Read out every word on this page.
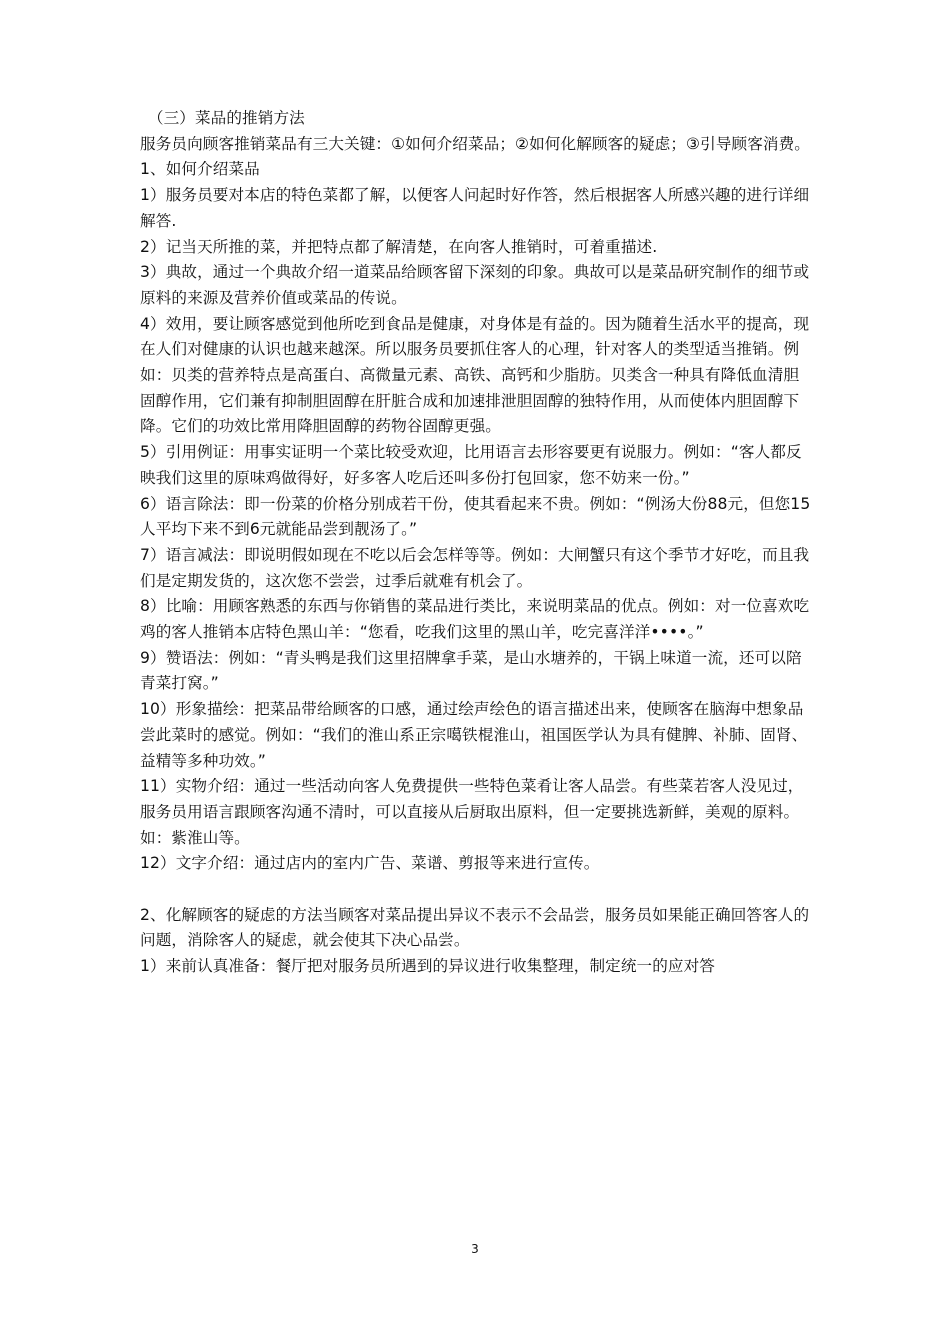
　（三）菜品的推销方法

服务员向顾客推销菜品有三大关键：①如何介绍菜品；②如何化解顾客的疑虑；③引导顾客消费。

1、如何介绍菜品

1）服务员要对本店的特色菜都了解，以便客人问起时好作答，然后根据客人所感兴趣的进行详细解答.

2）记当天所推的菜，并把特点都了解清楚，在向客人推销时，可着重描述.

3）典故，通过一个典故介绍一道菜品给顾客留下深刻的印象。典故可以是菜品研究制作的细节或原料的来源及营养价值或菜品的传说。

4）效用，要让顾客感觉到他所吃到食品是健康，对身体是有益的。因为随着生活水平的提高，现在人们对健康的认识也越来越深。所以服务员要抓住客人的心理，针对客人的类型适当推销。例如：贝类的营养特点是高蛋白、高微量元素、高铁、高钙和少脂肪。贝类含一种具有降低血清胆固醇作用，它们兼有抑制胆固醇在肝脏合成和加速排泄胆固醇的独特作用，从而使体内胆固醇下降。它们的功效比常用降胆固醇的药物谷固醇更强。

5）引用例证：用事实证明一个菜比较受欢迎，比用语言去形容要更有说服力。例如：“客人都反映我们这里的原味鸡做得好，好多客人吃后还叫多份打包回家，您不妨来一份。”

6）语言除法：即一份菜的价格分别成若干份，使其看起来不贵。例如：“例汤大份88元，但您15人平均下来不到6元就能品尝到靓汤了。”

7）语言减法：即说明假如现在不吃以后会怎样等等。例如：大闸蟹只有这个季节才好吃，而且我们是定期发货的，这次您不尝尝，过季后就难有机会了。

8）比喻：用顾客熟悉的东西与你销售的菜品进行类比，来说明菜品的优点。例如：对一位喜欢吃鸡的客人推销本店特色黑山羊：“您看，吃我们这里的黑山羊，吃完喜洋洋••••。”

9）赞语法：例如：“青头鸭是我们这里招牌拿手菜，是山水塘养的，干锅上味道一流，还可以陪青菜打窝。”

10）形象描绘：把菜品带给顾客的口感，通过绘声绘色的语言描述出来，使顾客在脑海中想象品尝此菜时的感觉。例如：“我们的淮山系正宗噶铁棍淮山，祖国医学认为具有健脾、补肺、固肾、益精等多种功效。”

11）实物介绍：通过一些活动向客人免费提供一些特色菜肴让客人品尝。有些菜若客人没见过，服务员用语言跟顾客沟通不清时，可以直接从后厨取出原料，但一定要挑选新鲜，美观的原料。如：紫淮山等。

12）文字介绍：通过店内的室内广告、菜谱、剪报等来进行宣传。

2、化解顾客的疑虑的方法当顾客对菜品提出异议不表示不会品尝，服务员如果能正确回答客人的问题，消除客人的疑虑，就会使其下决心品尝。

1）来前认真准备：餐厅把对服务员所遇到的异议进行收集整理，制定统一的应对答

3
